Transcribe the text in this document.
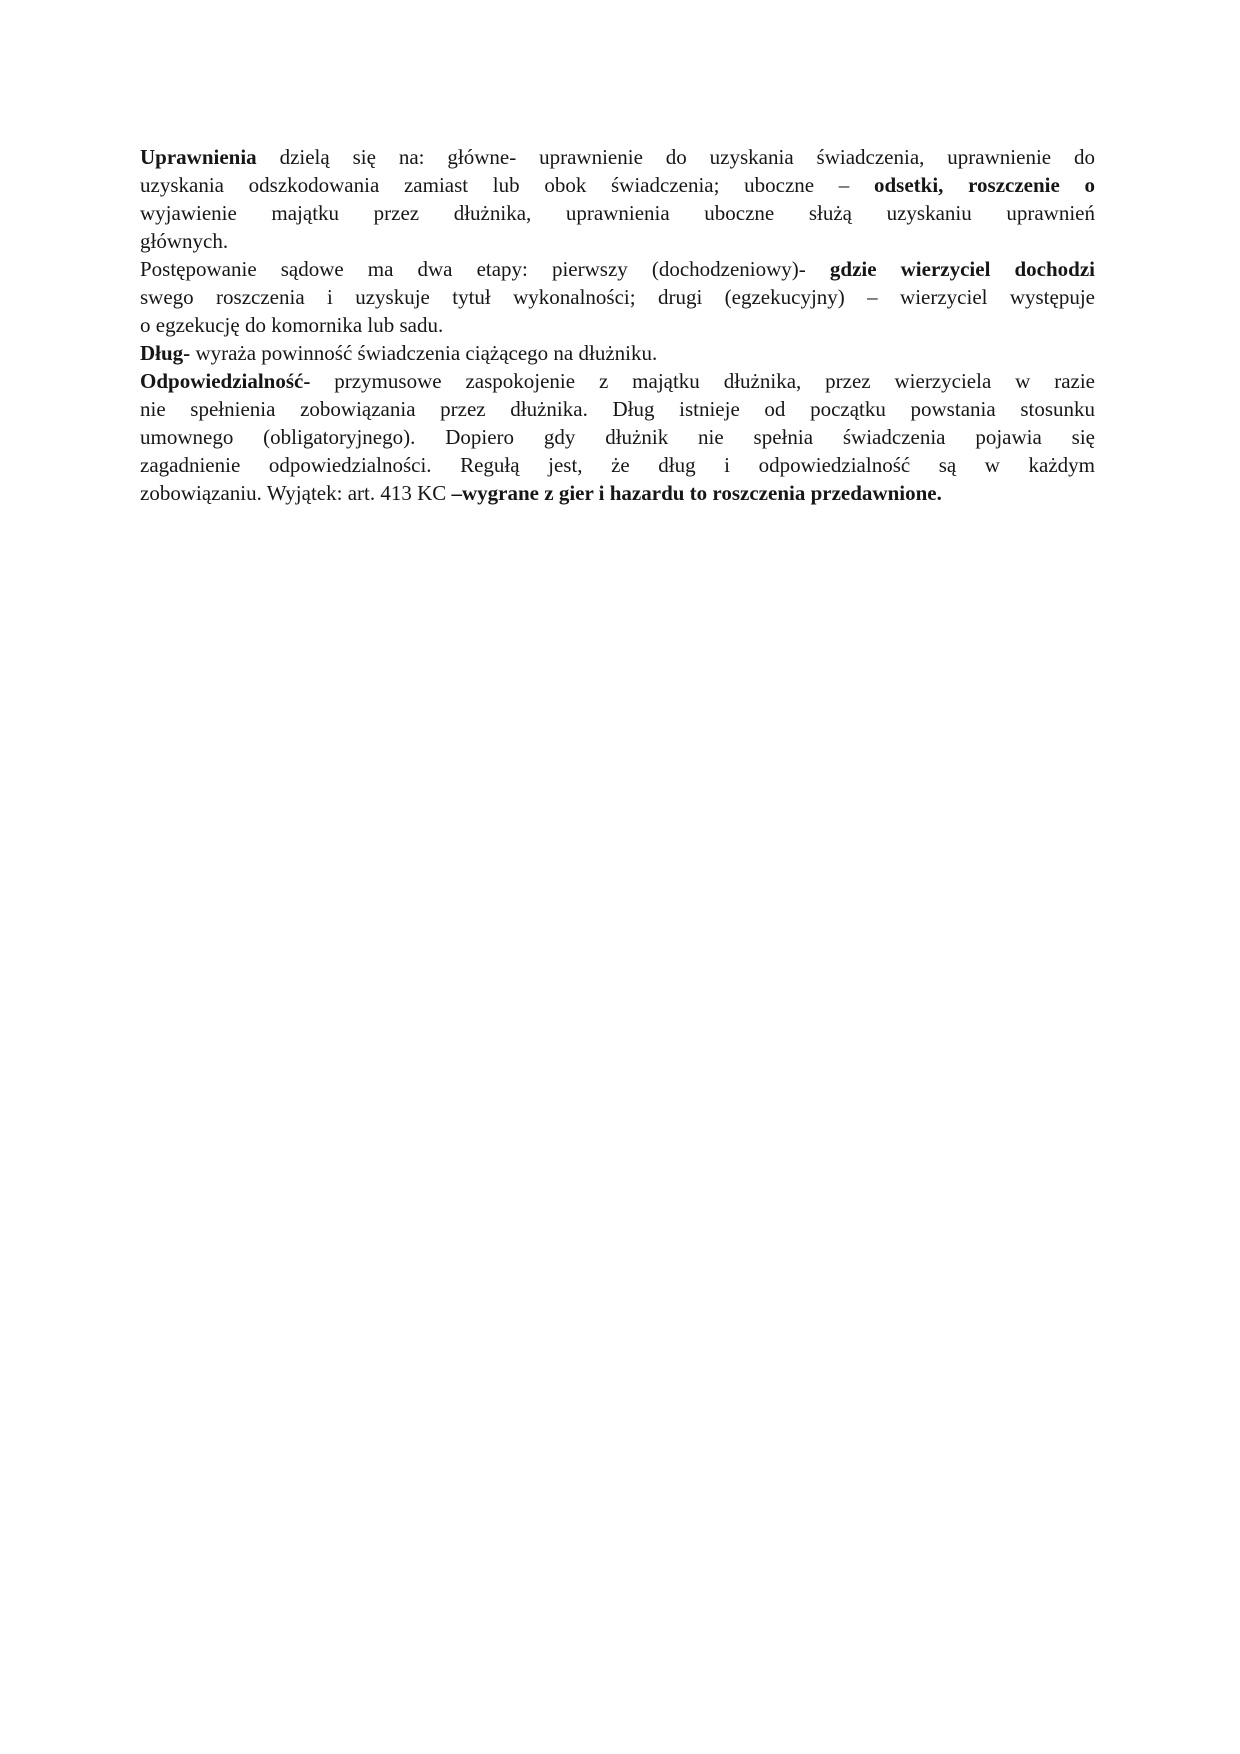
Uprawnienia dzielą się na: główne- uprawnienie do uzyskania świadczenia, uprawnienie do
uzyskania odszkodowania zamiast lub obok świadczenia; uboczne – odsetki, roszczenie o
wyjawienie majątku przez dłużnika, uprawnienia uboczne służą uzyskaniu uprawnień
głównych.
Postępowanie sądowe ma dwa etapy: pierwszy (dochodzeniowy)- gdzie wierzyciel dochodzi
swego roszczenia i uzyskuje tytuł wykonalności; drugi (egzekucyjny) – wierzyciel występuje
o egzekucję do komornika lub sadu.
Dług- wyraża powinność świadczenia ciążącego na dłużniku.
Odpowiedzialność- przymusowe zaspokojenie z majątku dłużnika, przez wierzyciela w razie
nie spełnienia zobowiązania przez dłużnika. Dług istnieje od początku powstania stosunku
umownego (obligatoryjnego). Dopiero gdy dłużnik nie spełnia świadczenia pojawia się
zagadnienie odpowiedzialności. Regułą jest, że dług i odpowiedzialność są w każdym
zobowiązaniu. Wyjątek: art. 413 KC –wygrane z gier i hazardu to roszczenia przedawnione.
